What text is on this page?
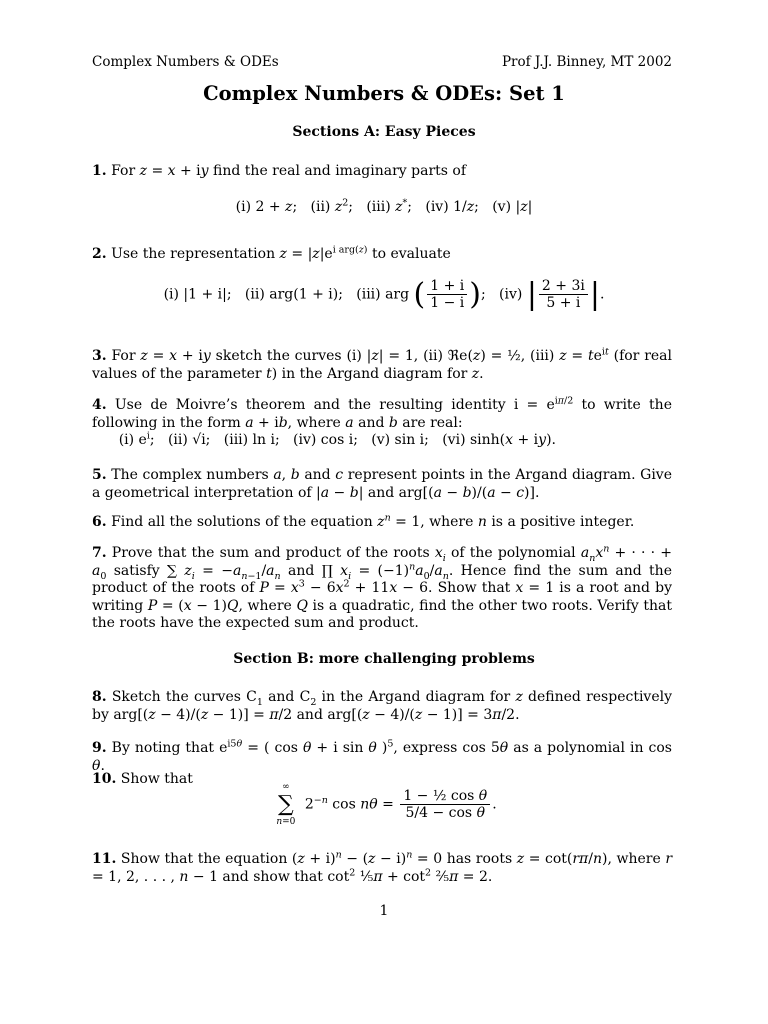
Complex Numbers & ODEs	Prof J.J. Binney, MT 2002
Complex Numbers & ODEs: Set 1
Sections A: Easy Pieces
1. For z = x + iy find the real and imaginary parts of
(i) 2 + z;   (ii) $z^2$;   (iii) z*;   (iv) 1/z;   (v) |z|
2. Use the representation $z = |z|e^{i arg(z)}$ to evaluate
(i) |1 + i|;   (ii) arg(1 + i);   (iii) arg ( $\frac{1 + i}{1 - i}$ );   (iv) | $\frac{2 + 3i}{5 + i}$ |.
3. For z = x + iy sketch the curves (i) |z| = 1, (ii) ℜe(z) = ½, (iii) $z = te^{it}$ (for real values of the parameter t) in the Argand diagram for z.
4. Use de Moivre’s theorem and the resulting identity $i = e^{i\pi/2}$ to write the following in the form a + ib, where a and b are real:
(i) $e^i$;   (ii) √i;   (iii) ln i;   (iv) cos i;   (v) sin i;   (vi) sinh(x + iy).
5. The complex numbers a, b and c represent points in the Argand diagram. Give a geometrical interpretation of |a − b| and arg[(a − b)/(a − c)].
6. Find all the solutions of the equation $z^n = 1$, where n is a positive integer.
7. Prove that the sum and product of the roots $x_i$ of the polynomial $a_nx^n$ + · · · + $a_0$ satisfy ∑ $z_i = -a_{n-1}/a_n$ and ∏ $x_i = (-1)^na_0/a_n$. Hence find the sum and the product of the roots of $P = x^3 - 6x^2 + 11x - 6$. Show that x = 1 is a root and by writing P = (x − 1)Q, where Q is a quadratic, find the other two roots. Verify that the roots have the expected sum and product.
Section B: more challenging problems
8. Sketch the curves $C_1$ and $C_2$ in the Argand diagram for z defined respectively by arg[(z − 4)/(z − 1)] = π/2 and arg[(z − 4)/(z − 1)] = 3π/2.
9. By noting that $e^{i5\theta}$ = ( cos θ + i sin θ )$^5$, express cos 5θ as a polynomial in cos θ.
10. Show that	∞
∑
n=0
$2^{-n}$ $\cos n\theta = \frac{\text{1 − ½ cos θ}}{\text{5/4 − cos θ}}$ .
11. Show that the equation $(z + i)^n - (z - i)^n = 0$ has roots z = cot(rπ/n), where r = 1, 2, . . . , n − 1 and show that $\cot^2$ ⅕π + $\cot^2$ ⅖π = 2.
1
